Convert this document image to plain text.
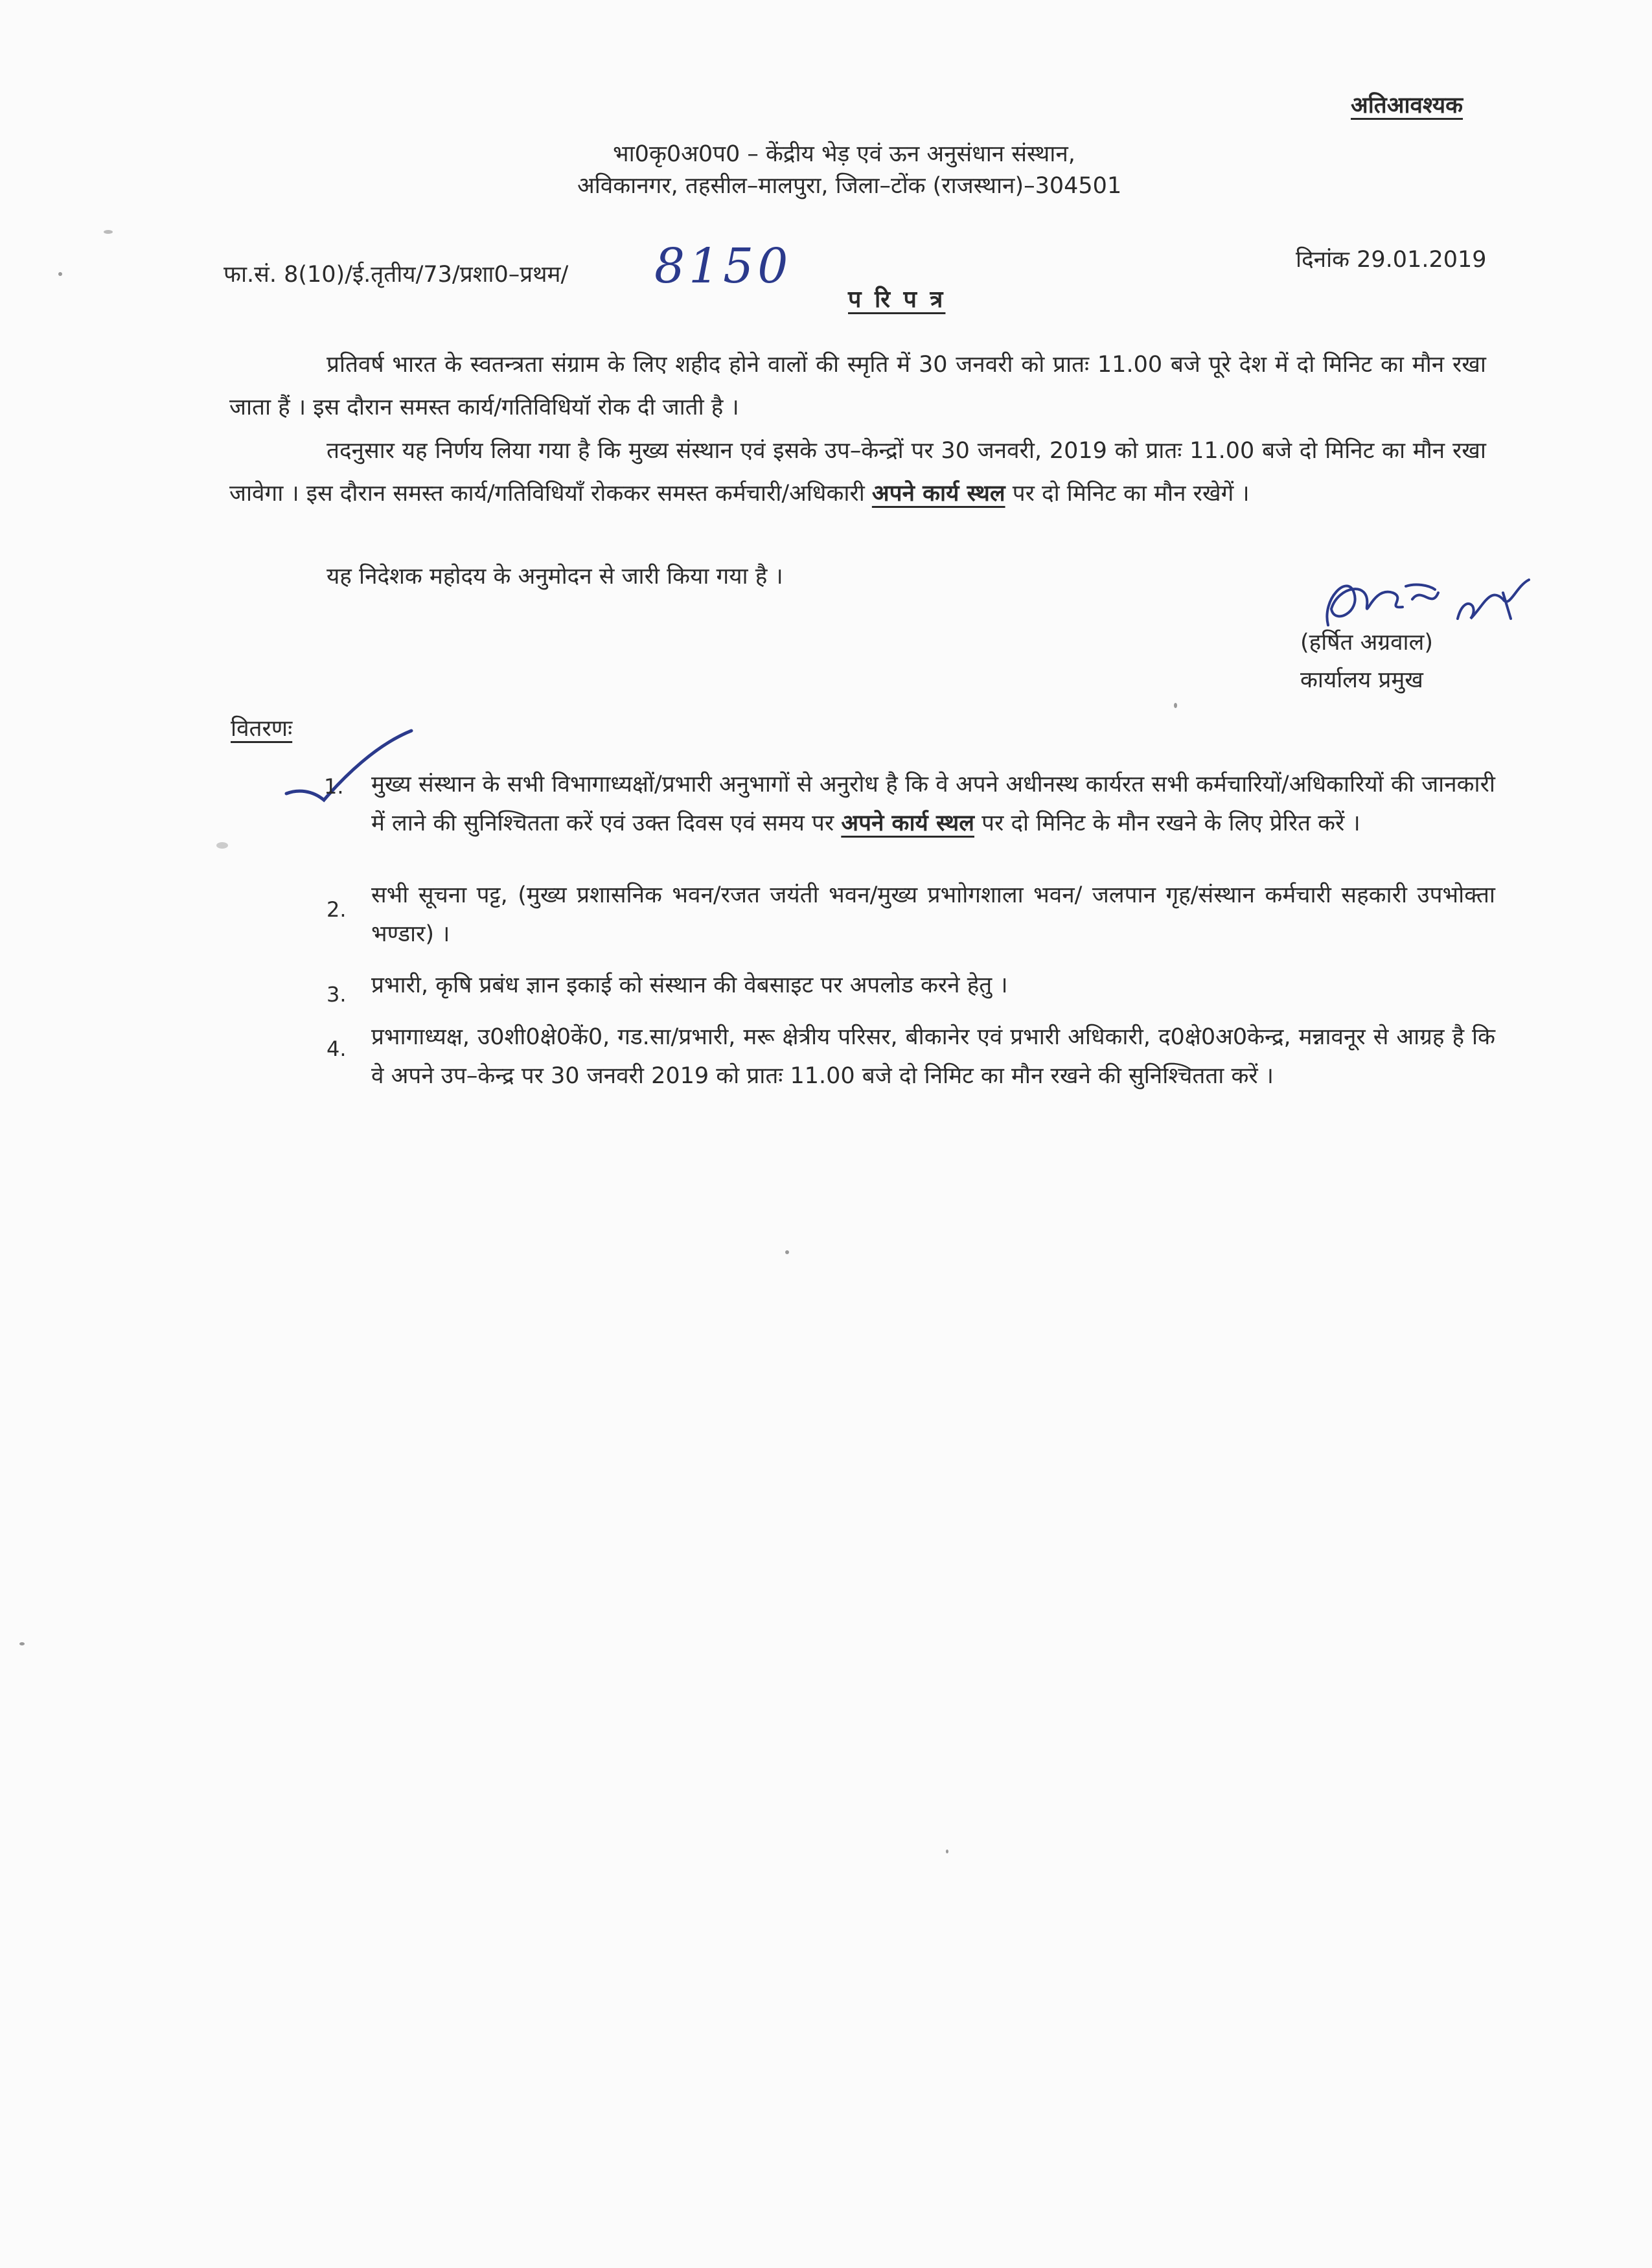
अतिआवश्यक
भा0कृ0अ0प0 – केंद्रीय भेड़ एवं ऊन अनुसंधान संस्थान,
अविकानगर, तहसील–मालपुरा, जिला–टोंक (राजस्थान)–304501
फा.सं. 8(10)/ई.तृतीय/73/प्रशा0–प्रथम/ 8150	दिनांक 29.01.2019
प रि प त्र
प्रतिवर्ष भारत के स्वतन्त्रता संग्राम के लिए शहीद होने वालों की स्मृति में 30 जनवरी को प्रातः 11.00 बजे पूरे देश में दो मिनिट का मौन रखा जाता हैं । इस दौरान समस्त कार्य/गतिविधियॉ रोक दी जाती है ।
तदनुसार यह निर्णय लिया गया है कि मुख्य संस्थान एवं इसके उप–केन्द्रों पर 30 जनवरी, 2019 को प्रातः 11.00 बजे दो मिनिट का मौन रखा जावेगा । इस दौरान समस्त कार्य/गतिविधियॉं रोककर समस्त कर्मचारी/अधिकारी अपने कार्य स्थल पर दो मिनिट का मौन रखेगें ।
यह निदेशक महोदय के अनुमोदन से जारी किया गया है ।
(हर्षित अग्रवाल)
कार्यालय प्रमुख
वितरणः
1. मुख्य संस्थान के सभी विभागाध्यक्षों/प्रभारी अनुभागों से अनुरोध है कि वे अपने अधीनस्थ कार्यरत सभी कर्मचारियों/अधिकारियों की जानकारी में लाने की सुनिश्चितता करें एवं उक्त दिवस एवं समय पर अपने कार्य स्थल पर दो मिनिट के मौन रखने के लिए प्रेरित करें ।
2.
सभी सूचना पट्ट, (मुख्य प्रशासनिक भवन/रजत जयंती भवन/मुख्य प्रभाोगशाला भवन/ जलपान गृह/संस्थान कर्मचारी सहकारी उपभोक्ता भण्डार) ।
3. प्रभारी, कृषि प्रबंध ज्ञान इकाई को संस्थान की वेबसाइट पर अपलोड करने हेतु ।
4. प्रभागाध्यक्ष, उ0शी0क्षे0कें0, गड.सा/प्रभारी, मरू क्षेत्रीय परिसर, बीकानेर एवं प्रभारी अधिकारी, द0क्षे0अ0केन्द्र, मन्नावनूर से आग्रह है कि वे अपने उप–केन्द्र पर 30 जनवरी 2019 को प्रातः 11.00 बजे दो निमिट का मौन रखने की सुनिश्चितता करें ।
